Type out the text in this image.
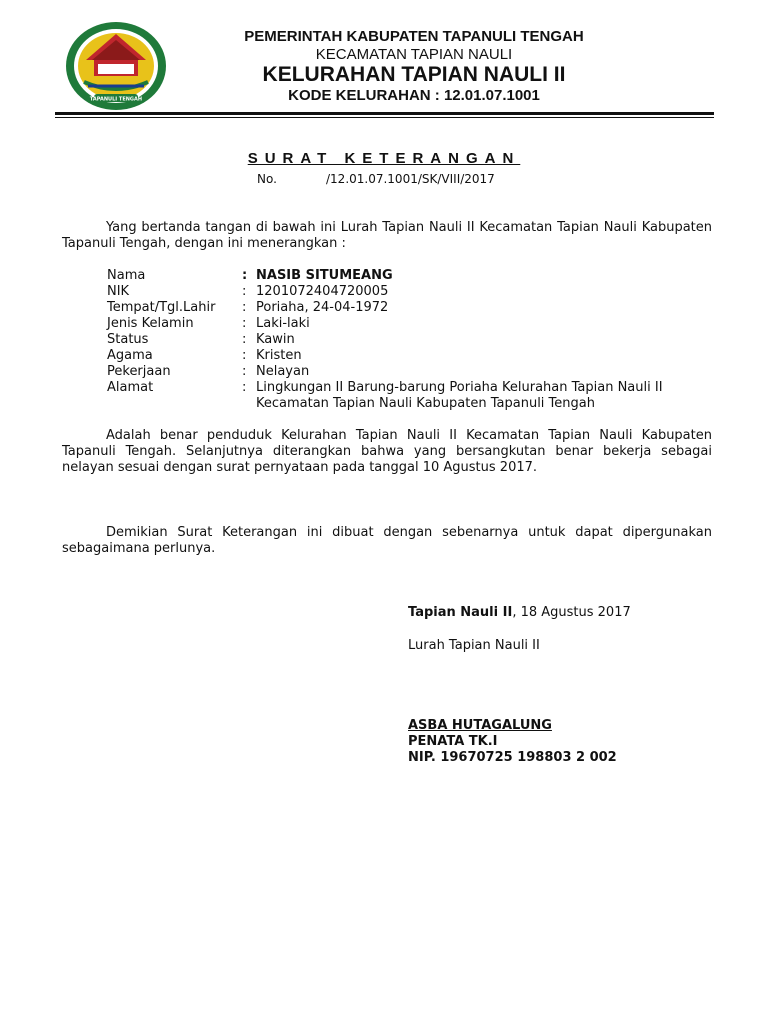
TAPANULI TENGAH
PEMERINTAH KABUPATEN TAPANULI TENGAH
KECAMATAN TAPIAN NAULI
KELURAHAN TAPIAN NAULI II
KODE KELURAHAN : 12.01.07.1001
SURAT KETERANGAN
No.	/12.01.07.1001/SK/VIII/2017
Yang bertanda tangan di bawah ini Lurah Tapian Nauli II Kecamatan Tapian Nauli Kabupaten Tapanuli Tengah, dengan ini menerangkan :
Nama	: NASIB SITUMEANG
NIK	: 1201072404720005
Tempat/Tgl.Lahir	: Poriaha, 24-04-1972
Jenis Kelamin	: Laki-laki
Status	: Kawin
Agama	: Kristen
Pekerjaan	: Nelayan
Alamat	: Lingkungan II Barung-barung Poriaha Kelurahan Tapian Nauli II
Kecamatan Tapian Nauli Kabupaten Tapanuli Tengah
Adalah benar penduduk Kelurahan Tapian Nauli II Kecamatan Tapian Nauli Kabupaten Tapanuli Tengah. Selanjutnya diterangkan bahwa yang bersangkutan benar bekerja sebagai nelayan sesuai dengan surat pernyataan pada tanggal 10 Agustus 2017.
Demikian Surat Keterangan ini dibuat dengan sebenarnya untuk dapat dipergunakan sebagaimana perlunya.
Tapian Nauli II, 18 Agustus 2017
Lurah Tapian Nauli II
ASBA HUTAGALUNG
PENATA TK.I
NIP. 19670725 198803 2 002
